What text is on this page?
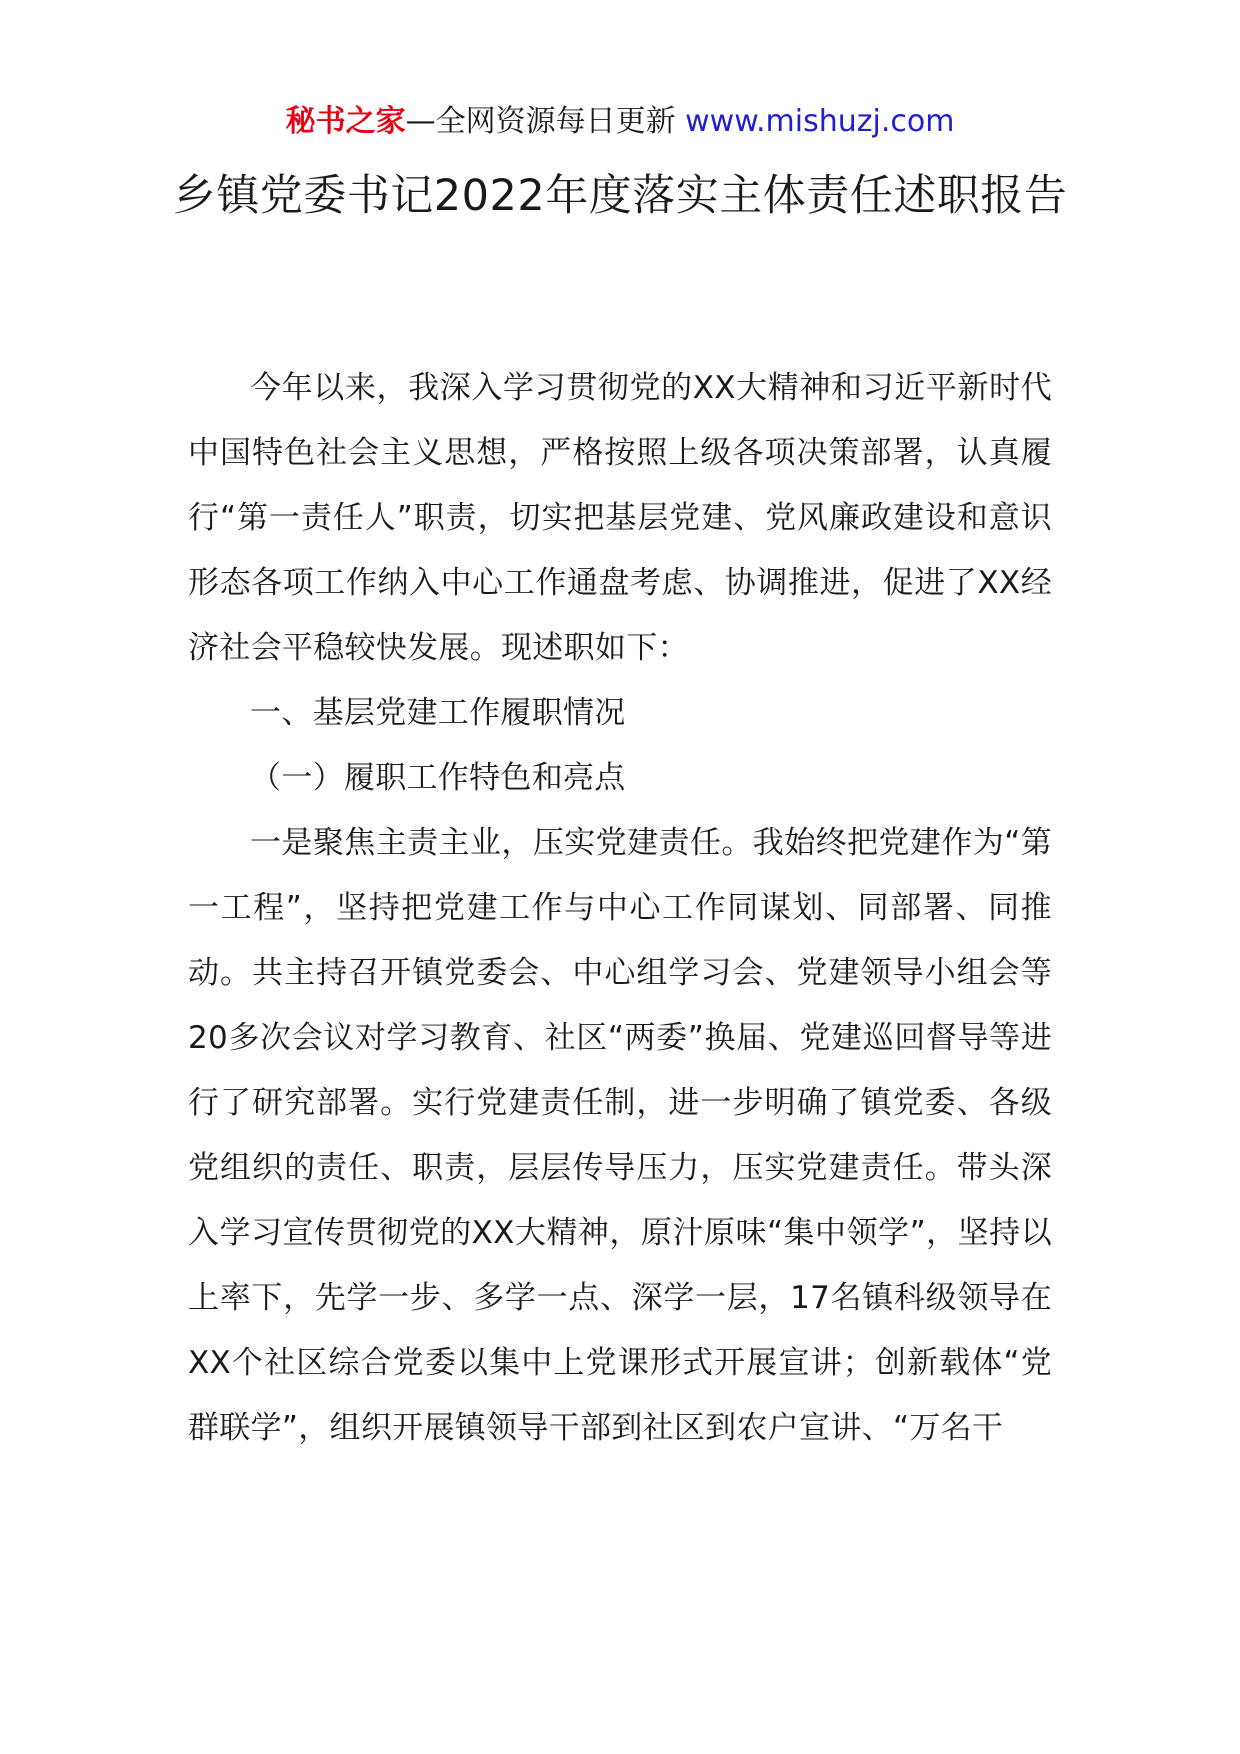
秘书之家—全网资源每日更新 www.mishuzj.com
乡镇党委书记2022年度落实主体责任述职报告

今年以来，我深入学习贯彻党的XX大精神和习近平新时代中国特色社会主义思想，严格按照上级各项决策部署，认真履行“第一责任人”职责，切实把基层党建、党风廉政建设和意识形态各项工作纳入中心工作通盘考虑、协调推进，促进了XX经济社会平稳较快发展。现述职如下：

一、基层党建工作履职情况

（一）履职工作特色和亮点

一是聚焦主责主业，压实党建责任。我始终把党建作为“第一工程”，坚持把党建工作与中心工作同谋划、同部署、同推动。共主持召开镇党委会、中心组学习会、党建领导小组会等20多次会议对学习教育、社区“两委”换届、党建巡回督导等进行了研究部署。实行党建责任制，进一步明确了镇党委、各级党组织的责任、职责，层层传导压力，压实党建责任。带头深入学习宣传贯彻党的XX大精神，原汁原味“集中领学”，坚持以上率下，先学一步、多学一点、深学一层，17名镇科级领导在XX个社区综合党委以集中上党课形式开展宣讲；创新载体“党群联学”，组织开展镇领导干部到社区到农户宣讲、“万名干
